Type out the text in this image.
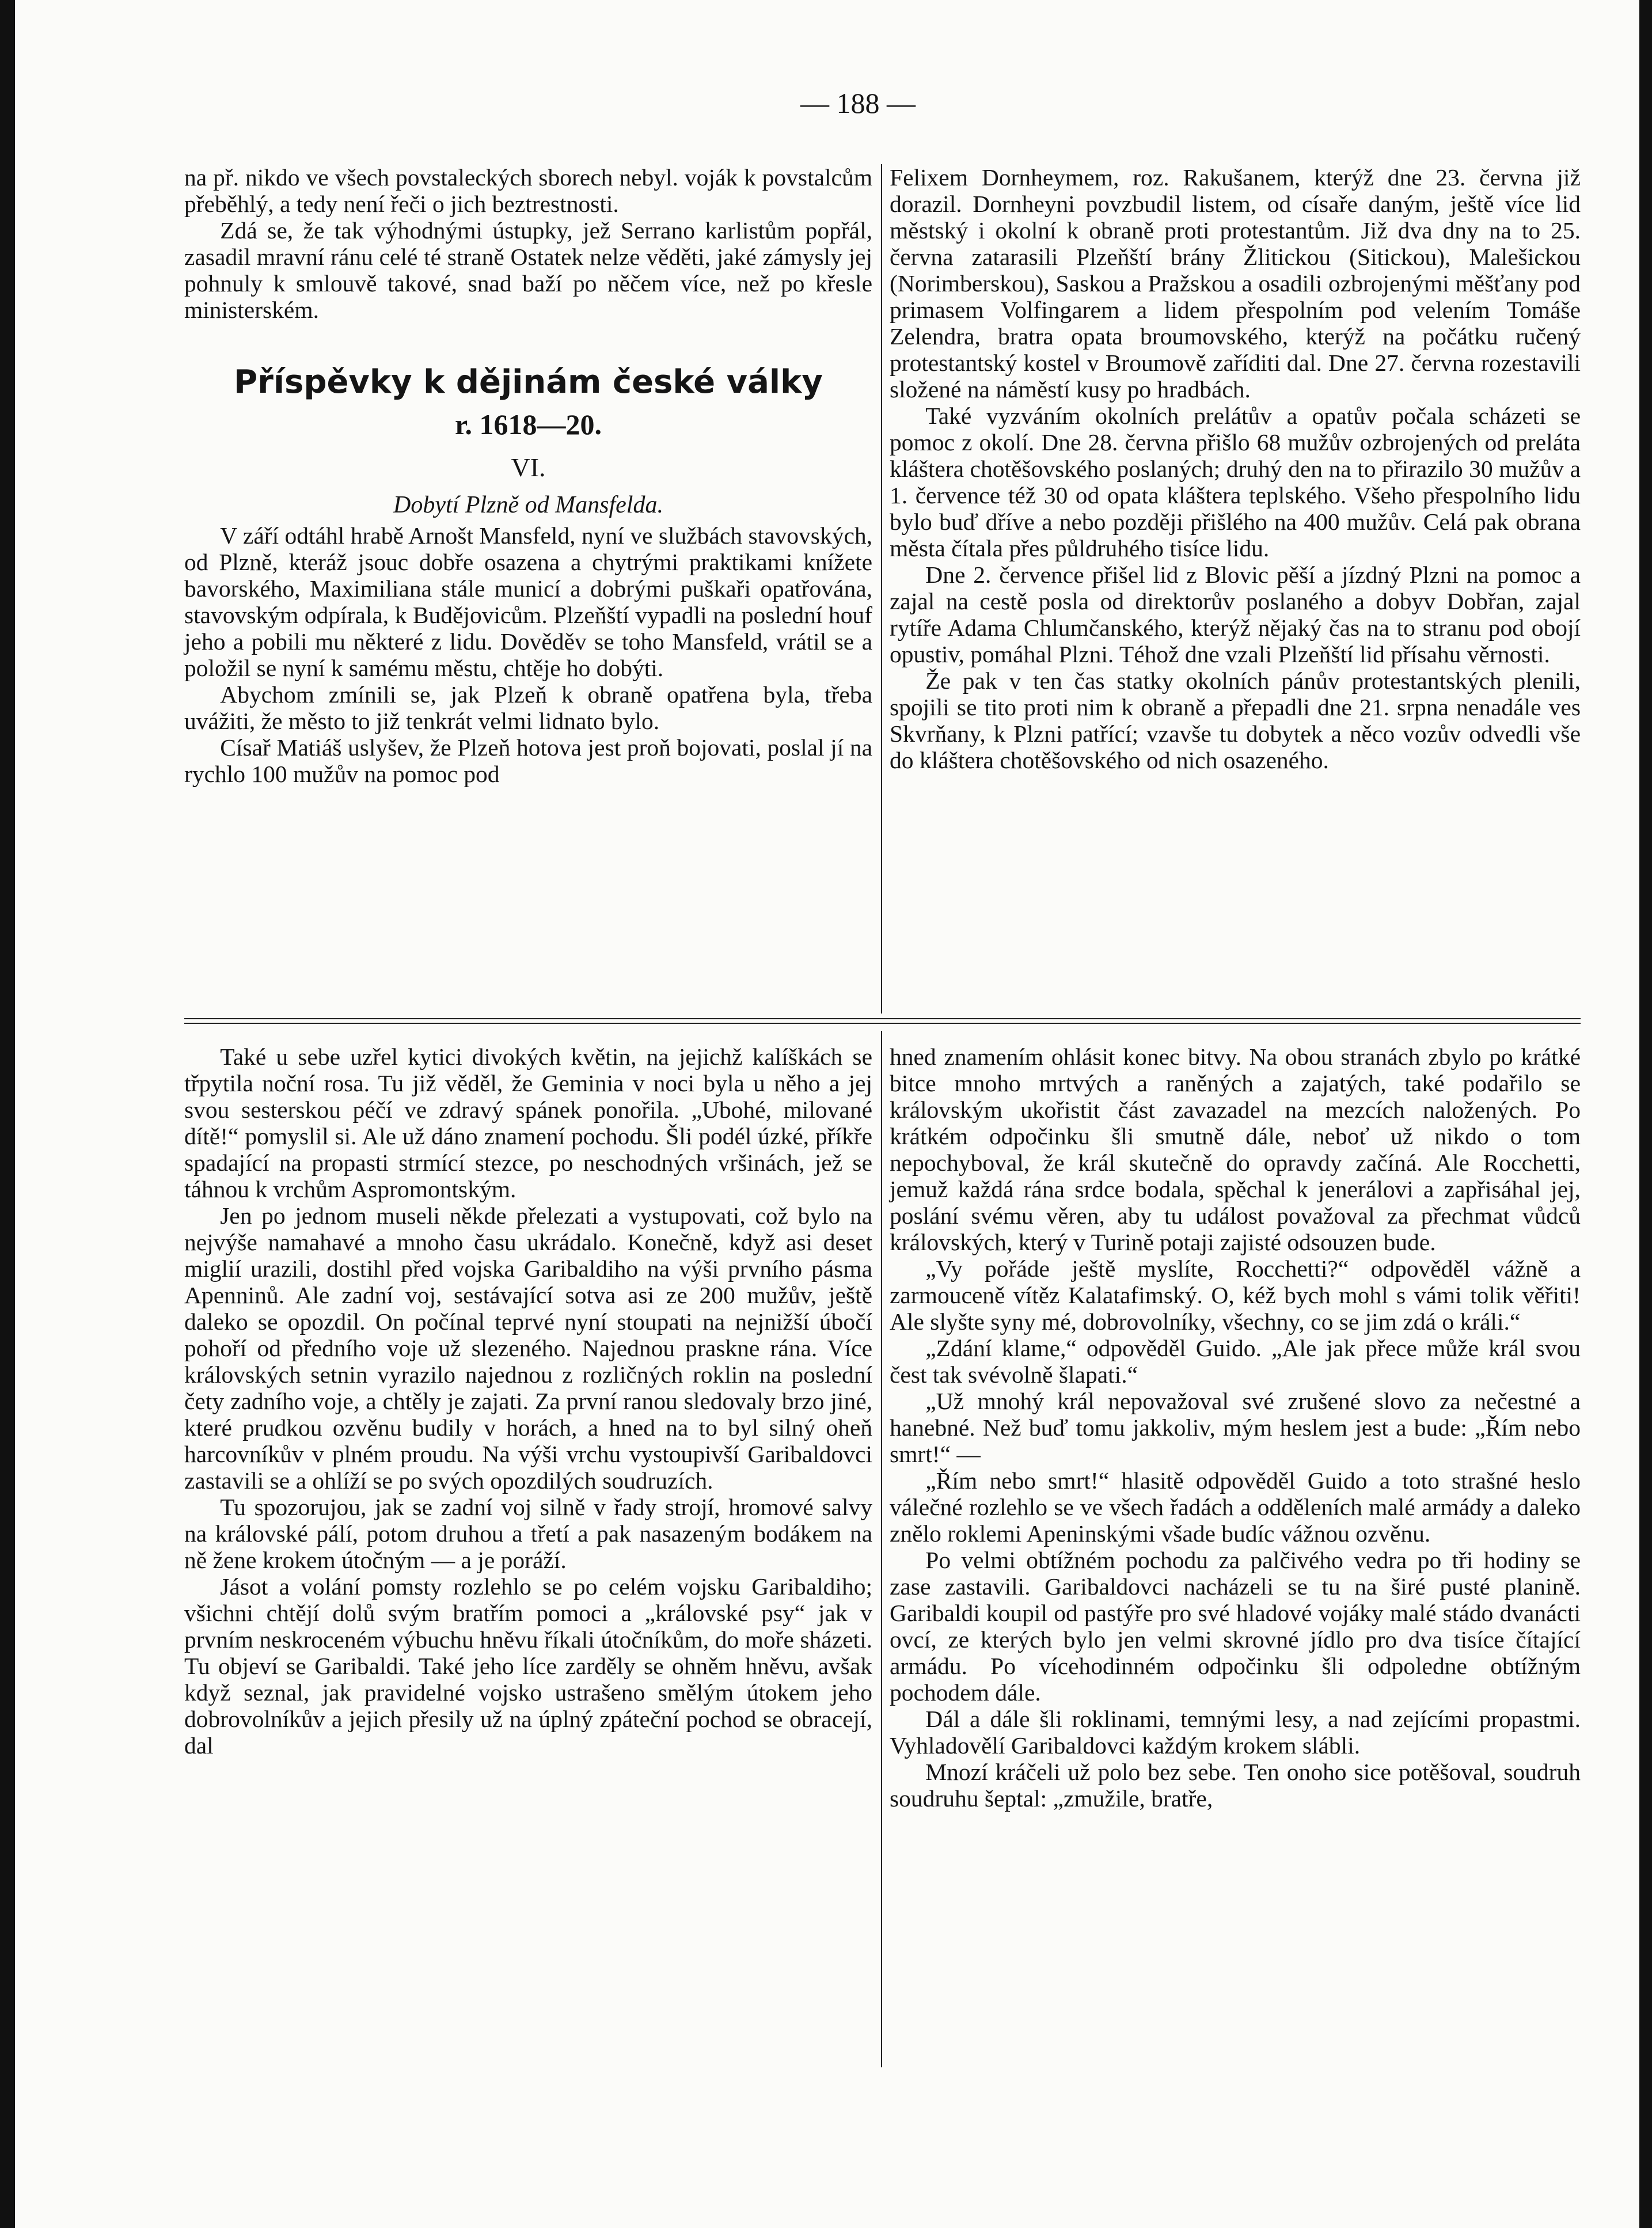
— 188 —

na př. nikdo ve všech povstaleckých sborech nebyl. voják k povstalcům přeběhlý, a tedy není řeči o jich beztrestnosti.

Zdá se, že tak výhodnými ústupky, jež Serrano karlistům popřál, zasadil mravní ránu celé té straně Ostatek nelze věděti, jaké zámysly jej pohnuly k smlouvě takové, snad baží po něčem více, než po křesle ministerském.

Příspěvky k dějinám české války
r. 1618—20.
VI.
Dobytí Plzně od Mansfelda.

V září odtáhl hrabě Arnošt Mansfeld, nyní ve službách stavovských, od Plzně, kteráž jsouc dobře osazena a chytrými praktikami knížete bavorského, Maximiliana stále municí a dobrými puškaři opatřována, stavovským odpírala, k Budějovicům. Plzeňští vypadli na poslední houf jeho a pobili mu některé z lidu. Dověděv se toho Mansfeld, vrátil se a položil se nyní k samému městu, chtěje ho dobýti.

Abychom zmínili se, jak Plzeň k obraně opatřena byla, třeba uvážiti, že město to již tenkrát velmi lidnato bylo.

Císař Matiáš uslyšev, že Plzeň hotova jest proň bojovati, poslal jí na rychlo 100 mužův na pomoc pod

Felixem Dornheymem, roz. Rakušanem, kterýž dne 23. června již dorazil. Dornheyni povzbudil listem, od císaře daným, ještě více lid městský i okolní k obraně proti protestantům. Již dva dny na to 25. června zatarasili Plzeňští brány Žlitickou (Sitickou), Malešickou (Norimberskou), Saskou a Pražskou a osadili ozbrojenými měšťany pod primasem Volfingarem a lidem přespolním pod velením Tomáše Zelendra, bratra opata broumovského, kterýž na počátku ručený protestantský kostel v Broumově zaříditi dal. Dne 27. června rozestavili složené na náměstí kusy po hradbách.

Také vyzváním okolních prelátův a opatův počala scházeti se pomoc z okolí. Dne 28. června přišlo 68 mužův ozbrojených od preláta kláštera chotěšovského poslaných; druhý den na to přirazilo 30 mužův a 1. července též 30 od opata kláštera teplského. Všeho přespolního lidu bylo buď dříve a nebo později přišlého na 400 mužův. Celá pak obrana města čítala přes půldruhého tisíce lidu.

Dne 2. července přišel lid z Blovic pěší a jízdný Plzni na pomoc a zajal na cestě posla od direktorův poslaného a dobyv Dobřan, zajal rytíře Adama Chlumčanského, kterýž nějaký čas na to stranu pod obojí opustiv, pomáhal Plzni. Téhož dne vzali Plzeňští lid přísahu věrnosti.

Že pak v ten čas statky okolních pánův protestantských plenili, spojili se tito proti nim k obraně a přepadli dne 21. srpna nenadále ves Skvrňany, k Plzni patřící; vzavše tu dobytek a něco vozův odvedli vše do kláštera chotěšovského od nich osazeného.

Také u sebe uzřel kytici divokých květin, na jejichž kalíškách se třpytila noční rosa. Tu již věděl, že Geminia v noci byla u něho a jej svou sesterskou péčí ve zdravý spánek ponořila. „Ubohé, milované dítě!“ pomyslil si. Ale už dáno znamení pochodu. Šli podél úzké, příkře spadající na propasti strmící stezce, po neschodných vršinách, jež se táhnou k vrchům Aspromontským.

Jen po jednom museli někde přelezati a vystupovati, což bylo na nejvýše namahavé a mnoho času ukrádalo. Konečně, když asi deset miglií urazili, dostihl před vojska Garibaldiho na výši prvního pásma Apenninů. Ale zadní voj, sestávající sotva asi ze 200 mužův, ještě daleko se opozdil. On počínal teprvé nyní stoupati na nejnižší úbočí pohoří od předního voje už slezeného. Najednou praskne rána. Více královských setnin vyrazilo najednou z rozličných roklin na poslední čety zadního voje, a chtěly je zajati. Za první ranou sledovaly brzo jiné, které prudkou ozvěnu budily v horách, a hned na to byl silný oheň harcovníkův v plném proudu. Na výši vrchu vystoupivší Garibaldovci zastavili se a ohlíží se po svých opozdilých soudruzích.

Tu spozorujou, jak se zadní voj silně v řady strojí, hromové salvy na královské pálí, potom druhou a třetí a pak nasazeným bodákem na ně žene krokem útočným — a je poráží.

Jásot a volání pomsty rozlehlo se po celém vojsku Garibaldiho; všichni chtějí dolů svým bratřím pomoci a „královské psy“ jak v prvním neskroceném výbuchu hněvu říkali útočníkům, do moře sházeti. Tu objeví se Garibaldi. Také jeho líce zarděly se ohněm hněvu, avšak když seznal, jak pravidelné vojsko ustrašeno smělým útokem jeho dobrovolníkův a jejich přesily už na úplný zpáteční pochod se obracejí, dal

hned znamením ohlásit konec bitvy. Na obou stranách zbylo po krátké bitce mnoho mrtvých a raněných a zajatých, také podařilo se královským ukořistit část zavazadel na mezcích naložených. Po krátkém odpočinku šli smutně dále, neboť už nikdo o tom nepochyboval, že král skutečně do opravdy začíná. Ale Rocchetti, jemuž každá rána srdce bodala, spěchal k jenerálovi a zapřisáhal jej, poslání svému věren, aby tu událost považoval za přechmat vůdců královských, který v Turině potaji zajisté odsouzen bude.

„Vy pořáde ještě myslíte, Rocchetti?“ odpověděl vážně a zarmouceně vítěz Kalatafimský. O, kéž bych mohl s vámi tolik věřiti! Ale slyšte syny mé, dobrovolníky, všechny, co se jim zdá o králi.“

„Zdání klame,“ odpověděl Guido. „Ale jak přece může král svou čest tak svévolně šlapati.“

„Už mnohý král nepovažoval své zrušené slovo za nečestné a hanebné. Než buď tomu jakkoliv, mým heslem jest a bude: „Řím nebo smrt!“ —

„Řím nebo smrt!“ hlasitě odpověděl Guido a toto strašné heslo válečné rozlehlo se ve všech řadách a odděleních malé armády a daleko znělo roklemi Apeninskými všade budíc vážnou ozvěnu.

Po velmi obtížném pochodu za palčivého vedra po tři hodiny se zase zastavili. Garibaldovci nacházeli se tu na širé pusté planině. Garibaldi koupil od pastýře pro své hladové vojáky malé stádo dvanácti ovcí, ze kterých bylo jen velmi skrovné jídlo pro dva tisíce čítající armádu. Po vícehodinném odpočinku šli odpoledne obtížným pochodem dále.

Dál a dále šli roklinami, temnými lesy, a nad zejícími propastmi. Vyhladovělí Garibaldovci každým krokem slábli.

Mnozí kráčeli už polo bez sebe. Ten onoho sice potěšoval, soudruh soudruhu šeptal: „zmužile, bratře,
